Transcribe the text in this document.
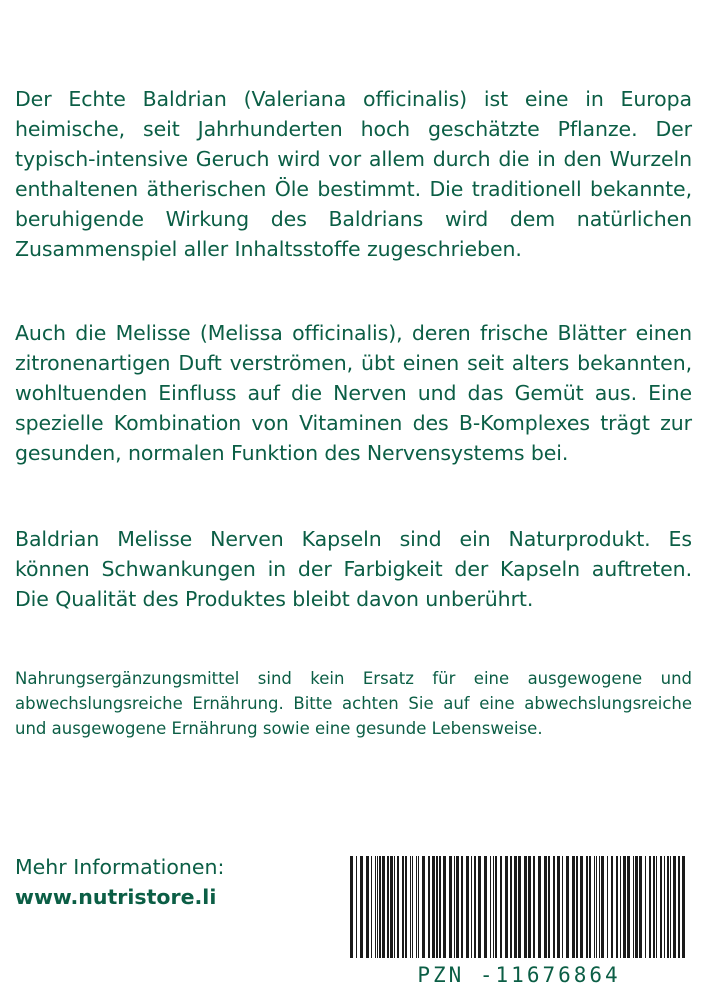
Der Echte Baldrian (Valeriana officinalis) ist eine in Europa heimische, seit Jahrhunderten hoch geschätzte Pflanze. Der typisch-intensive Geruch wird vor allem durch die in den Wurzeln enthaltenen ätherischen Öle bestimmt. Die traditionell bekannte, beruhigende Wirkung des Baldrians wird dem natürlichen Zusammenspiel aller Inhaltsstoffe zugeschrieben.

Auch die Melisse (Melissa officinalis), deren frische Blätter einen zitronenartigen Duft verströmen, übt einen seit alters bekannten, wohltuenden Einfluss auf die Nerven und das Gemüt aus. Eine spezielle Kombination von Vitaminen des B-Komplexes trägt zur gesunden, normalen Funktion des Nervensystems bei.

Baldrian Melisse Nerven Kapseln sind ein Naturprodukt. Es können Schwankungen in der Farbigkeit der Kapseln auftreten. Die Qualität des Produktes bleibt davon unberührt.

Nahrungsergänzungsmittel sind kein Ersatz für eine ausgewogene und abwechslungsreiche Ernährung. Bitte achten Sie auf eine abwechslungsreiche und ausgewogene Ernährung sowie eine gesunde Lebensweise.

Mehr Informationen:
www.nutristore.li
PZN -11676864
